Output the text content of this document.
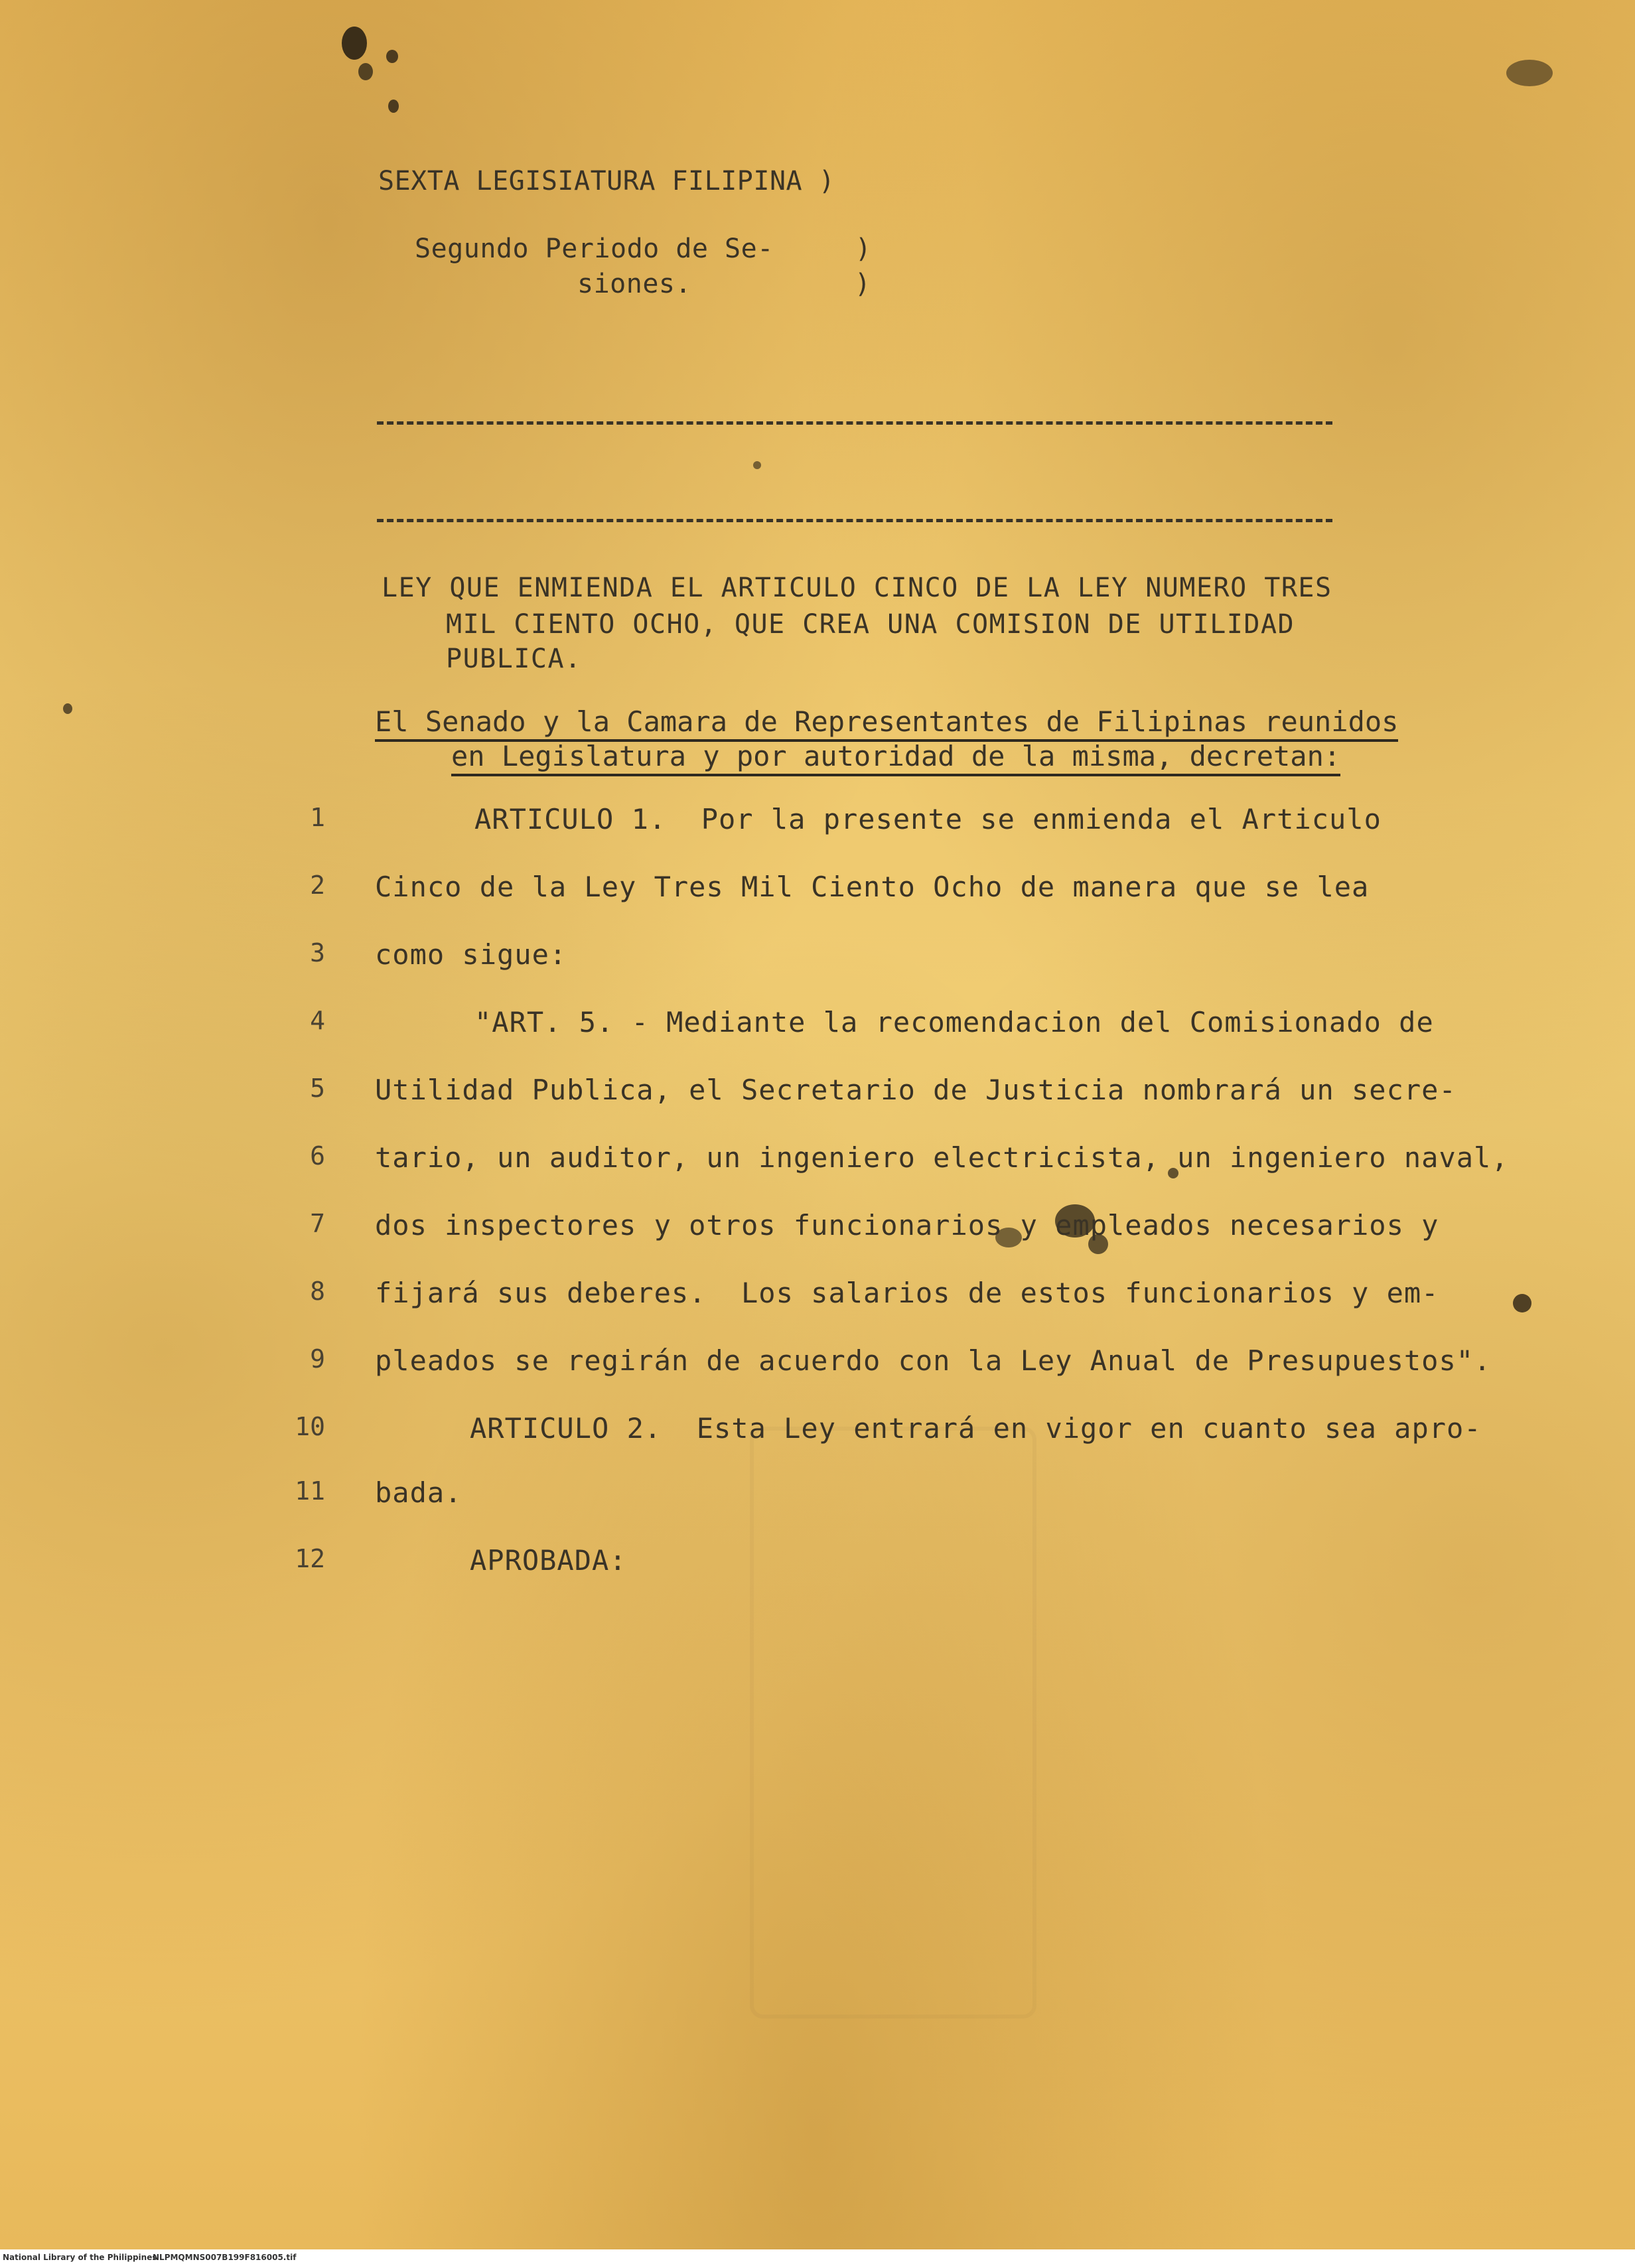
SEXTA LEGISIATURA FILIPINA )
Segundo Periodo de Se-     )
siones.          )
LEY QUE ENMIENDA EL ARTICULO CINCO DE LA LEY NUMERO TRES
MIL CIENTO OCHO, QUE CREA UNA COMISION DE UTILIDAD
PUBLICA.
El Senado y la Camara de Representantes de Filipinas reunidos
en Legislatura y por autoridad de la misma, decretan:
1	ARTICULO 1.  Por la presente se enmienda el Articulo
2 Cinco de la Ley Tres Mil Ciento Ocho de manera que se lea
3 como sigue:
4	"ART. 5. - Mediante la recomendacion del Comisionado de
5 Utilidad Publica, el Secretario de Justicia nombrará un secre-
6 tario, un auditor, un ingeniero electricista, un ingeniero naval,
7 dos inspectores y otros funcionarios y empleados necesarios y
8 fijará sus deberes.  Los salarios de estos funcionarios y em-
9 pleados se regirán de acuerdo con la Ley Anual de Presupuestos".
10	ARTICULO 2.  Esta Ley entrará en vigor en cuanto sea apro-
11 bada.
12	APROBADA:
National Library of the Philippines
NLPMQMNS007B199F816005.tif
